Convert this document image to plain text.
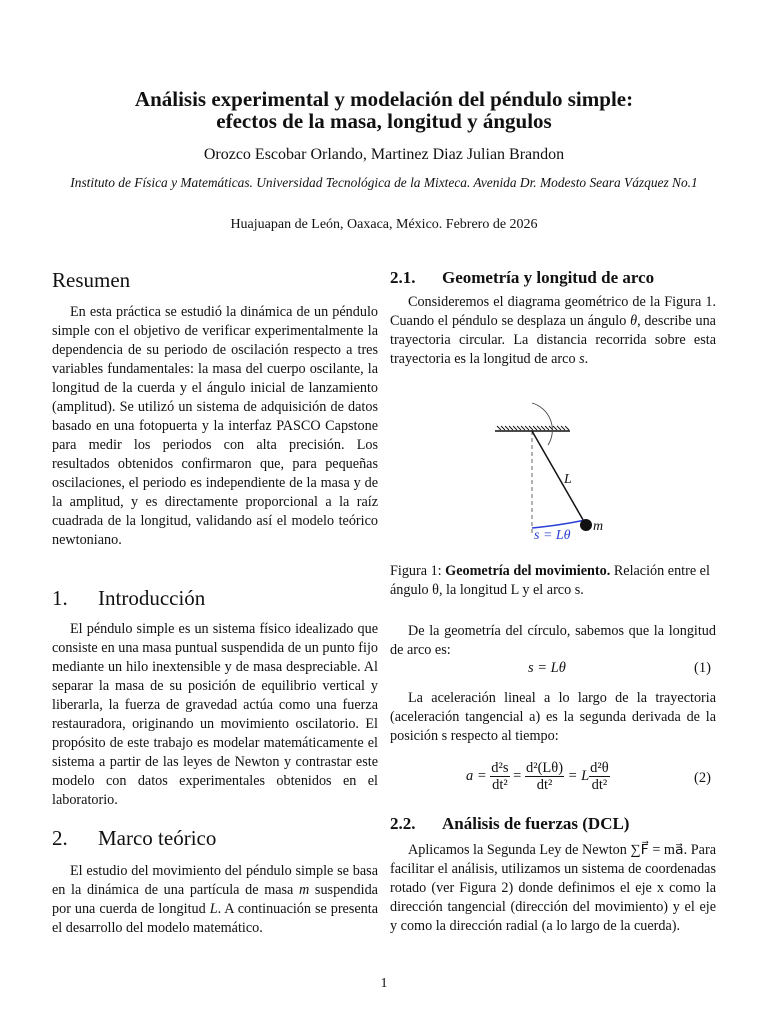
Análisis experimental y modelación del péndulo simple:
efectos de la masa, longitud y ángulos
Orozco Escobar Orlando, Martinez Diaz Julian Brandon
Instituto de Física y Matemáticas. Universidad Tecnológica de la Mixteca. Avenida Dr. Modesto Seara Vázquez No.1
Huajuapan de León, Oaxaca, México. Febrero de 2026
Resumen
En esta práctica se estudió la dinámica de un péndulo simple con el objetivo de verificar experimentalmente la dependencia de su periodo de oscilación respecto a tres variables fundamentales: la masa del cuerpo oscilante, la longitud de la cuerda y el ángulo inicial de lanzamiento (amplitud). Se utilizó un sistema de adquisición de datos basado en una fotopuerta y la interfaz PASCO Capstone para medir los periodos con alta precisión. Los resultados obtenidos confirmaron que, para pequeñas oscilaciones, el periodo es independiente de la masa y de la amplitud, y es directamente proporcional a la raíz cuadrada de la longitud, validando así el modelo teórico newtoniano.
1. Introducción
El péndulo simple es un sistema físico idealizado que consiste en una masa puntual suspendida de un punto fijo mediante un hilo inextensible y de masa despreciable. Al separar la masa de su posición de equilibrio vertical y liberarla, la fuerza de gravedad actúa como una fuerza restauradora, originando un movimiento oscilatorio. El propósito de este trabajo es modelar matemáticamente el sistema a partir de las leyes de Newton y contrastar este modelo con datos experimentales obtenidos en el laboratorio.
2. Marco teórico
El estudio del movimiento del péndulo simple se basa en la dinámica de una partícula de masa m suspendida por una cuerda de longitud L. A continuación se presenta el desarrollo del modelo matemático.
2.1. Geometría y longitud de arco
Consideremos el diagrama geométrico de la Figura 1. Cuando el péndulo se desplaza un ángulo θ, describe una trayectoria circular. La distancia recorrida sobre esta trayectoria es la longitud de arco s.
L
m
s = Lθ
Figura 1: Geometría del movimiento. Relación entre el ángulo θ, la longitud L y el arco s.
De la geometría del círculo, sabemos que la longitud de arco es:
s = Lθ	(1)
La aceleración lineal a lo largo de la trayectoria (aceleración tangencial a) es la segunda derivada de la posición s respecto al tiempo:
$a = \frac{\text{d²s}}{\text{dt²}} = \frac{\text{d²(Lθ)}}{\text{dt²}} = L \frac{\text{d²θ}}{\text{dt²}}$	(2)
2.2. Análisis de fuerzas (DCL)
Aplicamos la Segunda Ley de Newton ∑F⃗ = ma⃗. Para facilitar el análisis, utilizamos un sistema de coordenadas rotado (ver Figura 2) donde definimos el eje x como la dirección tangencial (dirección del movimiento) y el eje y como la dirección radial (a lo largo de la cuerda).
1
